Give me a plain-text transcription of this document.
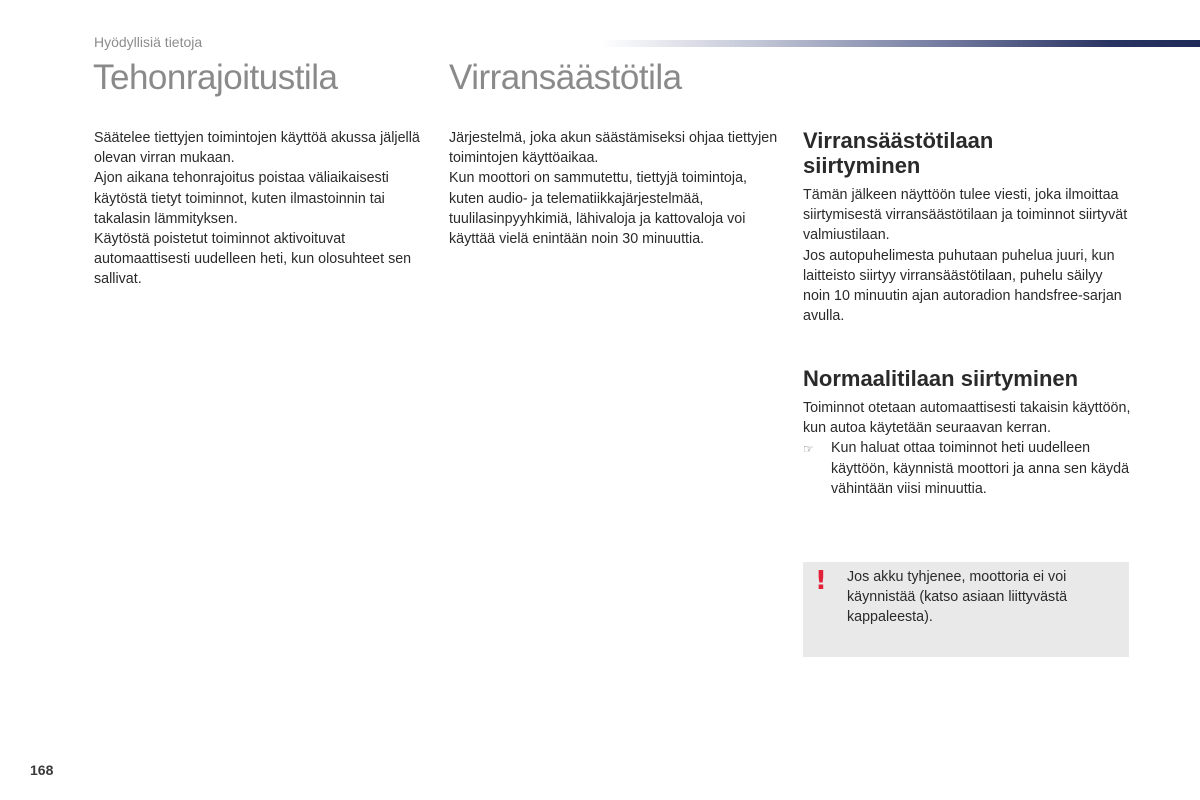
Hyödyllisiä tietoja
Tehonrajoitustila

Säätelee tiettyjen toimintojen käyttöä akussa jäljellä olevan virran mukaan.

Ajon aikana tehonrajoitus poistaa väliaikaisesti käytöstä tietyt toiminnot, kuten ilmastoinnin tai takalasin lämmityksen.

Käytöstä poistetut toiminnot aktivoituvat automaattisesti uudelleen heti, kun olosuhteet sen sallivat.

Virransäästötila

Järjestelmä, joka akun säästämiseksi ohjaa tiettyjen toimintojen käyttöaikaa.

Kun moottori on sammutettu, tiettyjä toimintoja, kuten audio- ja telematiikkajärjestelmää, tuulilasinpyyhkimiä, lähivaloja ja kattovaloja voi käyttää vielä enintään noin 30 minuuttia.

Virransäästötilaan siirtyminen

Tämän jälkeen näyttöön tulee viesti, joka ilmoittaa siirtymisestä virransäästötilaan ja toiminnot siirtyvät valmiustilaan.

Jos autopuhelimesta puhutaan puhelua juuri, kun laitteisto siirtyy virransäästötilaan, puhelu säilyy noin 10 minuutin ajan autoradion handsfree-sarjan avulla.

Normaalitilaan siirtyminen

Toiminnot otetaan automaattisesti takaisin käyttöön, kun autoa käytetään seuraavan kerran.

☞	Kun haluat ottaa toiminnot heti uudelleen käyttöön, käynnistä moottori ja anna sen käydä vähintään viisi minuuttia.
! Jos akku tyhjenee, moottoria ei voi käynnistää (katso asiaan liittyvästä kappaleesta).
168
